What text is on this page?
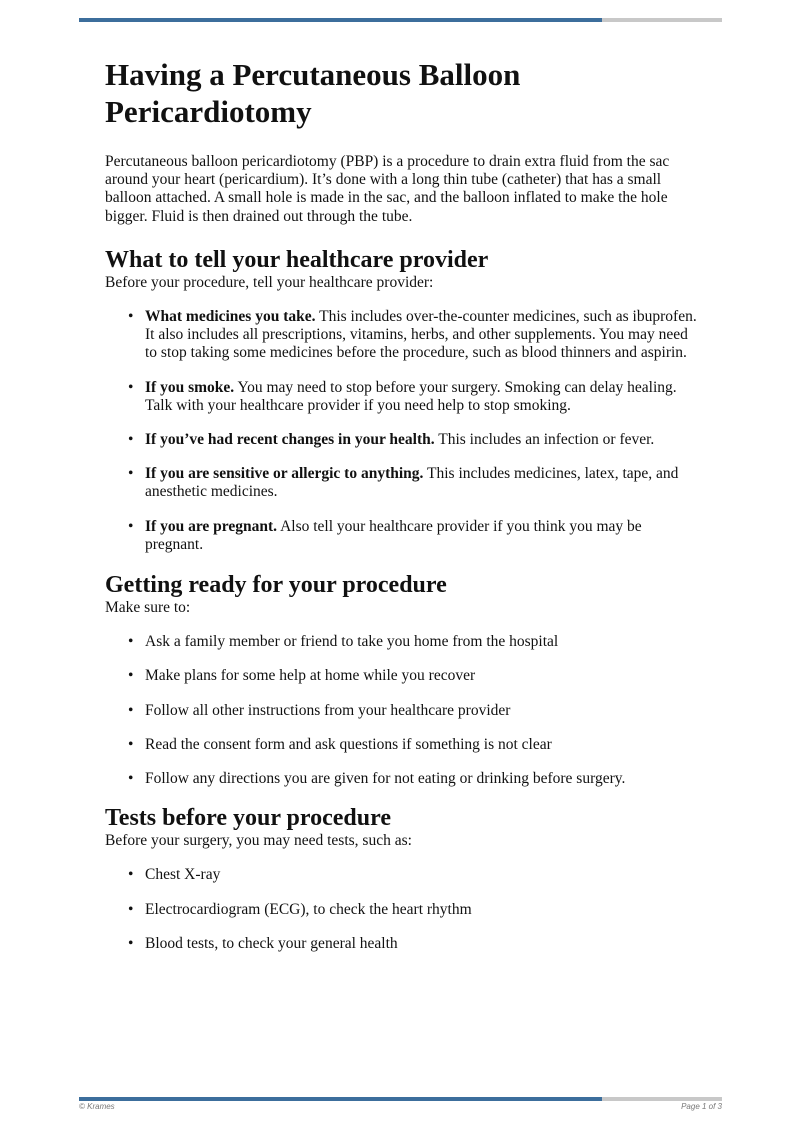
Having a Percutaneous Balloon Pericardiotomy

Percutaneous balloon pericardiotomy (PBP) is a procedure to drain extra fluid from the sac around your heart (pericardium). It’s done with a long thin tube (catheter) that has a small balloon attached. A small hole is made in the sac, and the balloon inflated to make the hole bigger. Fluid is then drained out through the tube.

What to tell your healthcare provider

Before your procedure, tell your healthcare provider:

• What medicines you take. This includes over-the-counter medicines, such as ibuprofen. It also includes all prescriptions, vitamins, herbs, and other supplements. You may need to stop taking some medicines before the procedure, such as blood thinners and aspirin.
• If you smoke. You may need to stop before your surgery. Smoking can delay healing. Talk with your healthcare provider if you need help to stop smoking.
• If you’ve had recent changes in your health. This includes an infection or fever.
• If you are sensitive or allergic to anything. This includes medicines, latex, tape, and anesthetic medicines.
• If you are pregnant. Also tell your healthcare provider if you think you may be pregnant.
Getting ready for your procedure

Make sure to:

• Ask a family member or friend to take you home from the hospital
• Make plans for some help at home while you recover
• Follow all other instructions from your healthcare provider
• Read the consent form and ask questions if something is not clear
• Follow any directions you are given for not eating or drinking before surgery.
Tests before your procedure

Before your surgery, you may need tests, such as:

• Chest X-ray
• Electrocardiogram (ECG), to check the heart rhythm
• Blood tests, to check your general health
© Krames	Page 1 of 3
